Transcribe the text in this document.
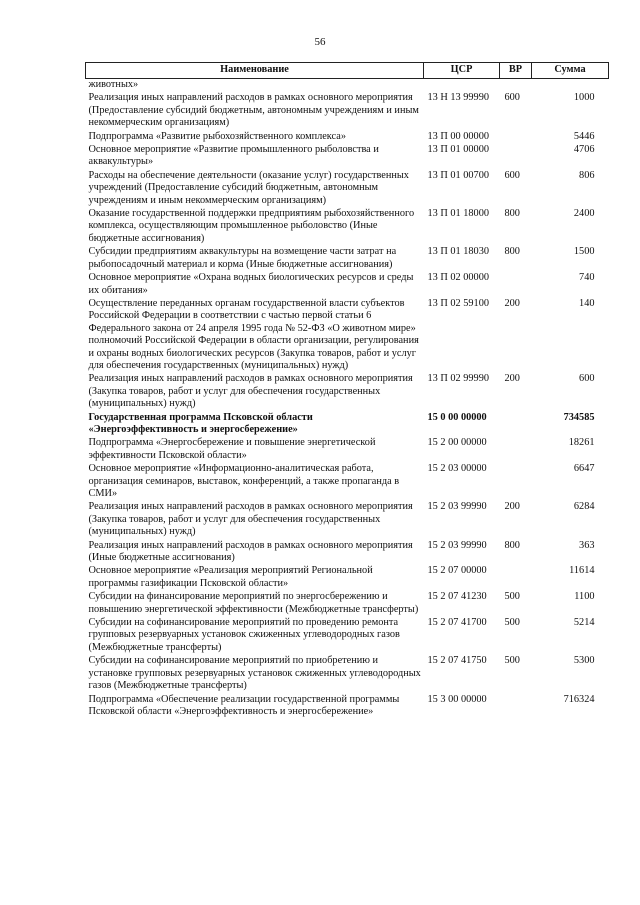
56
Наименование	ЦСР	ВР	Сумма
животных»			
Реализация иных направлений расходов в рамках основного мероприятия (Предоставление субсидий бюджетным, автономным учреждениям и иным некоммерческим организациям)	13 Н 13 99990	600	1000
Подпрограмма «Развитие рыбохозяйственного комплекса»	13 П 00 00000		5446
Основное мероприятие «Развитие промышленного рыболовства и аквакультуры»	13 П 01 00000		4706
Расходы на обеспечение деятельности (оказание услуг) государственных учреждений (Предоставление субсидий бюджетным, автономным учреждениям и иным некоммерческим организациям)	13 П 01 00700	600	806
Оказание государственной поддержки предприятиям рыбохозяйственного комплекса, осуществляющим промышленное рыболовство (Иные бюджетные ассигнования)	13 П 01 18000	800	2400
Субсидии предприятиям аквакультуры на возмещение части затрат на рыбопосадочный материал и корма (Иные бюджетные ассигнования)	13 П 01 18030	800	1500
Основное мероприятие «Охрана водных биологических ресурсов и среды их обитания»	13 П 02 00000		740
Осуществление переданных органам государственной власти субъектов Российской Федерации в соответствии с частью первой статьи 6 Федерального закона от 24 апреля 1995 года № 52-ФЗ «О животном мире» полномочий Российской Федерации в области организации, регулирования и охраны водных биологических ресурсов (Закупка товаров, работ и услуг для обеспечения государственных (муниципальных) нужд)	13 П 02 59100	200	140
Реализация иных направлений расходов в рамках основного мероприятия (Закупка товаров, работ и услуг для обеспечения государственных (муниципальных) нужд)	13 П 02 99990	200	600
Государственная программа Псковской области «Энергоэффективность и энергосбережение»	15 0 00 00000		734585
Подпрограмма «Энергосбережение и повышение энергетической эффективности Псковской области»	15 2 00 00000		18261
Основное мероприятие «Информационно-аналитическая работа, организация семинаров, выставок, конференций, а также пропаганда в СМИ»	15 2 03 00000		6647
Реализация иных направлений расходов в рамках основного мероприятия (Закупка товаров, работ и услуг для обеспечения государственных (муниципальных) нужд)	15 2 03 99990	200	6284
Реализация иных направлений расходов в рамках основного мероприятия (Иные бюджетные ассигнования)	15 2 03 99990	800	363
Основное мероприятие «Реализация мероприятий Региональной программы газификации Псковской области»	15 2 07 00000		11614
Субсидии на финансирование мероприятий по энергосбережению и повышению энергетической эффективности (Межбюджетные трансферты)	15 2 07 41230	500	1100
Субсидии на софинансирование мероприятий по проведению ремонта групповых резервуарных установок сжиженных углеводородных газов (Межбюджетные трансферты)	15 2 07 41700	500	5214
Субсидии на софинансирование мероприятий по приобретению и установке групповых резервуарных установок сжиженных углеводородных газов (Межбюджетные трансферты)	15 2 07 41750	500	5300
Подпрограмма «Обеспечение реализации государственной программы Псковской области «Энергоэффективность и энергосбережение»	15 3 00 00000		716324
